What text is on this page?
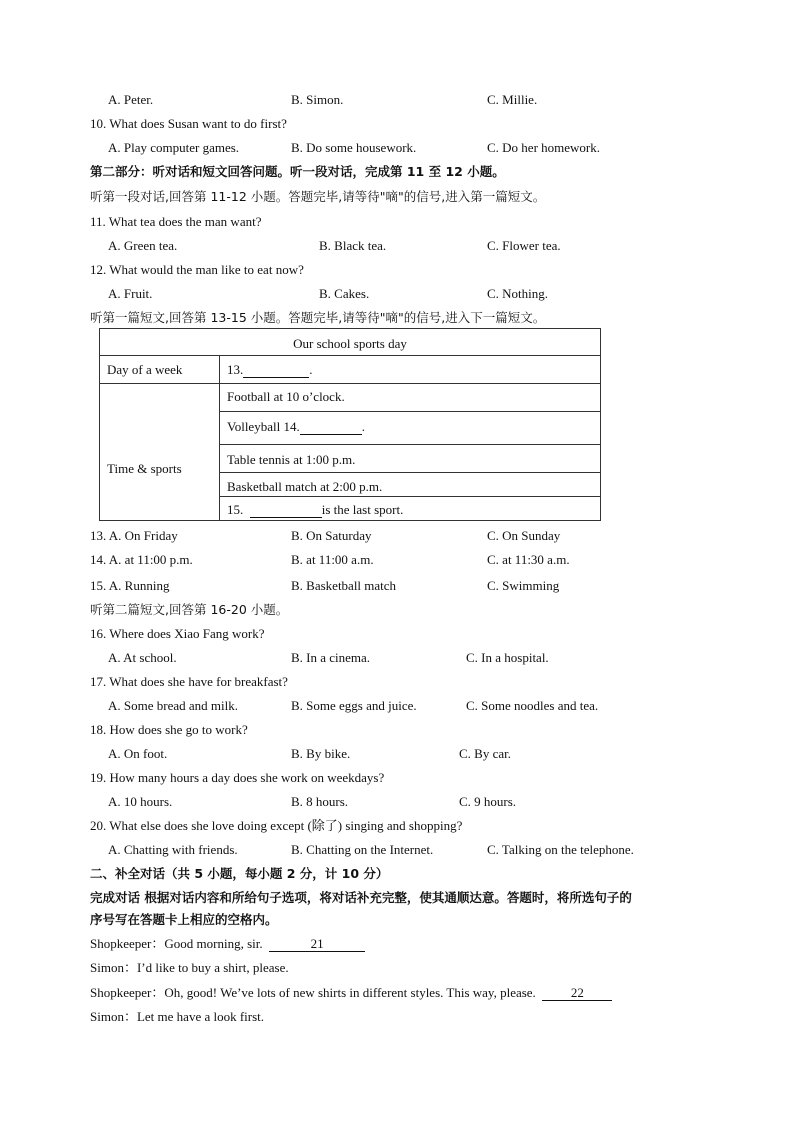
A. Peter.	B. Simon.	C. Millie.
10. What does Susan want to do first?
A. Play computer games.	B. Do some housework.	C. Do her homework.
第二部分：听对话和短文回答问题。听一段对话，完成第 11 至 12 小题。
听第一段对话,回答第 11-12 小题。答题完毕,请等待"嘀"的信号,进入第一篇短文。
11. What tea does the man want?
A. Green tea.	B. Black tea.	C. Flower tea.
12. What would the man like to eat now?
A. Fruit.	B. Cakes.	C. Nothing.
听第一篇短文,回答第 13-15 小题。答题完毕,请等待"嘀"的信号,进入下一篇短文。
Our school sports day
Day of a week	13.	.
Time & sports
Football at 10 o’clock.
Volleyball 14.	.
Table tennis at 1:00 p.m.
Basketball match at 2:00 p.m.
15.	is the last sport.
13. A. On Friday	B. On Saturday	C. On Sunday
14. A. at 11:00 p.m.	B. at 11:00 a.m.	C. at 11:30 a.m.
15. A. Running	B. Basketball match	C. Swimming
听第二篇短文,回答第 16-20 小题。
16. Where does Xiao Fang work?
A. At school.	B. In a cinema.	C. In a hospital.
17. What does she have for breakfast?
A. Some bread and milk.	B. Some eggs and juice.	C. Some noodles and tea.
18. How does she go to work?
A. On foot.	B. By bike.	C. By car.
19. How many hours a day does she work on weekdays?
A. 10 hours.	B. 8 hours.	C. 9 hours.
20. What else does she love doing except (除了) singing and shopping?
A. Chatting with friends.	B. Chatting on the Internet.	C. Talking on the telephone.
二、补全对话（共 5 小题，每小题 2 分，计 10 分）
完成对话 根据对话内容和所给句子选项，将对话补充完整，使其通顺达意。答题时，将所选句子的
序号写在答题卡上相应的空格内。
Shopkeeper：Good morning, sir.	21
Simon：I’d like to buy a shirt, please.
Shopkeeper：Oh, good! We’ve lots of new shirts in different styles. This way, please.	22
Simon：Let me have a look first.
